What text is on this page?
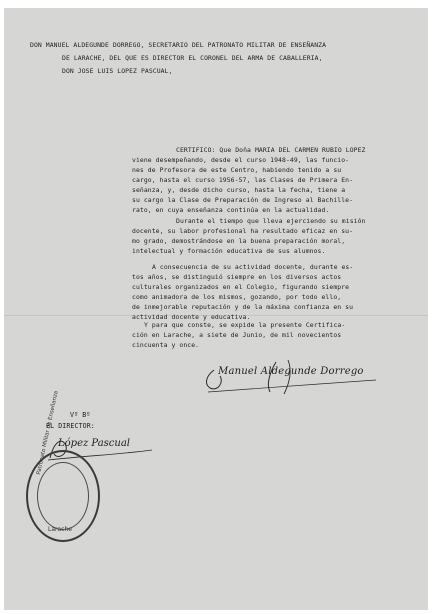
DON MANUEL ALDEGUNDE DORREGO, SECRETARIO DEL PATRONATO MILITAR DE ENSEÑANZA

DE LARACHE, DEL QUE ES DIRECTOR EL CORONEL DEL ARMA DE CABALLERIA,

DON JOSE LUIS LOPEZ PASCUAL,

CERTIFICO: Que Doña MARIA DEL CARMEN RUBIO LOPEZ

viene desempeñando, desde el curso 1948-49, las funcio-

nes de Profesora de este Centro, habiendo tenido a su

cargo, hasta el curso 1956-57, las Clases de Primera En-

señanza, y, desde dicho curso, hasta la fecha, tiene a

su cargo la Clase de Preparación de Ingreso al Bachille-

rato, en cuya enseñanza continúa en la actualidad.

Durante el tiempo que lleva ejerciendo su misión

docente, su labor profesional ha resultado eficaz en su-

mo grado, demostrándose en la buena preparación moral,

intelectual y formación educativa de sus alumnos.

A consecuencia de su actividad docente, durante es-

tos años, se distinguió siempre en los diversos actos

culturales organizados en el Colegio, figurando siempre

como animadora de los mismos, gozando, por todo ello,

de inmejorable reputación y de la máxima confianza en su

actividad docente y educativa.

Y para que conste, se expide la presente Certifica-

ción en Larache, a siete de Junio, de mil novecientos

cincuenta y once.

Manuel Aldegunde Dorrego

Vº Bº

EL DIRECTOR:

López Pascual

Patronato Militar de Enseñanza
Larache
